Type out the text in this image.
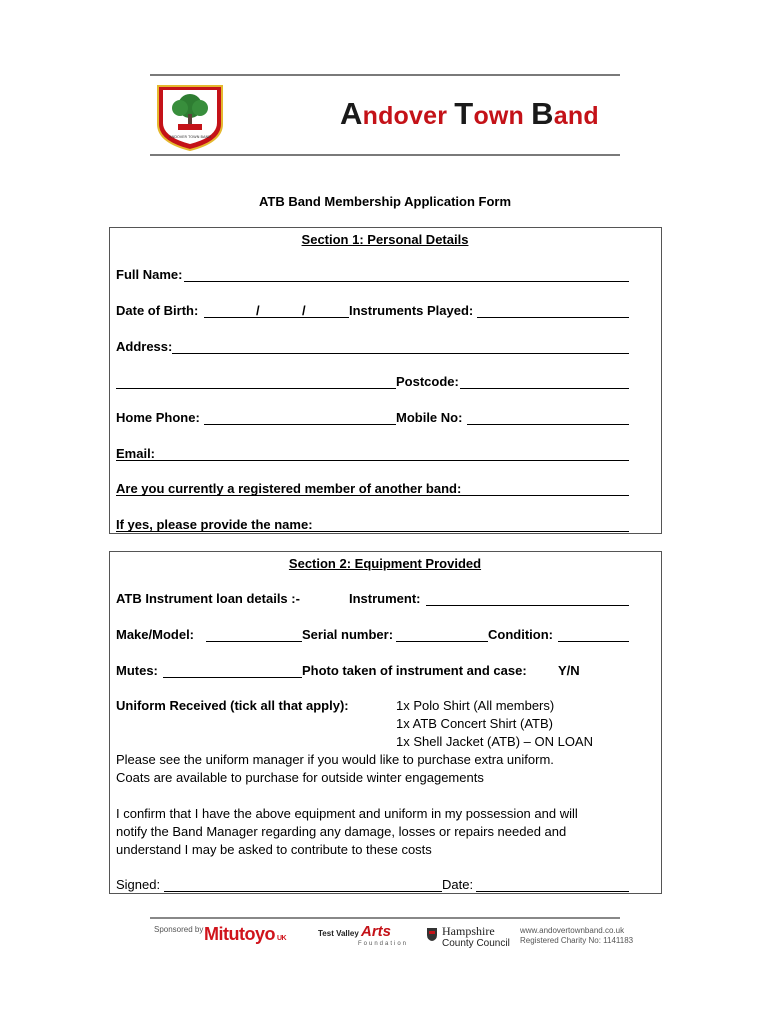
ANDOVER TOWN BAND
Andover Town Band
ATB Band Membership Application Form
Section 1: Personal Details
Full Name:
Date of Birth:	/	/	Instruments Played:
Address:
Postcode:
Home Phone:	Mobile No:
Email:
Are you currently a registered member of another band:
If yes, please provide the name:
Section 2: Equipment Provided
ATB Instrument loan details :-	Instrument:
Make/Model:	Serial number:	Condition:
Mutes:	Photo taken of instrument and case: Y/N
Uniform Received (tick all that apply):	1x Polo Shirt (All members)
1x ATB Concert Shirt (ATB)
1x Shell Jacket (ATB) – ON LOAN
Please see the uniform manager if you would like to purchase extra uniform.
Coats are available to purchase for outside winter engagements
I confirm that I have the above equipment and uniform in my possession and will
notify the Band Manager regarding any damage, losses or repairs needed and
understand I may be asked to contribute to these costs
Signed:	Date:
Sponsored by Mitutoyo UK
Test Valley Arts
Foundation
Hampshire
County Council
www.andovertownband.co.uk
Registered Charity No: 1141183
